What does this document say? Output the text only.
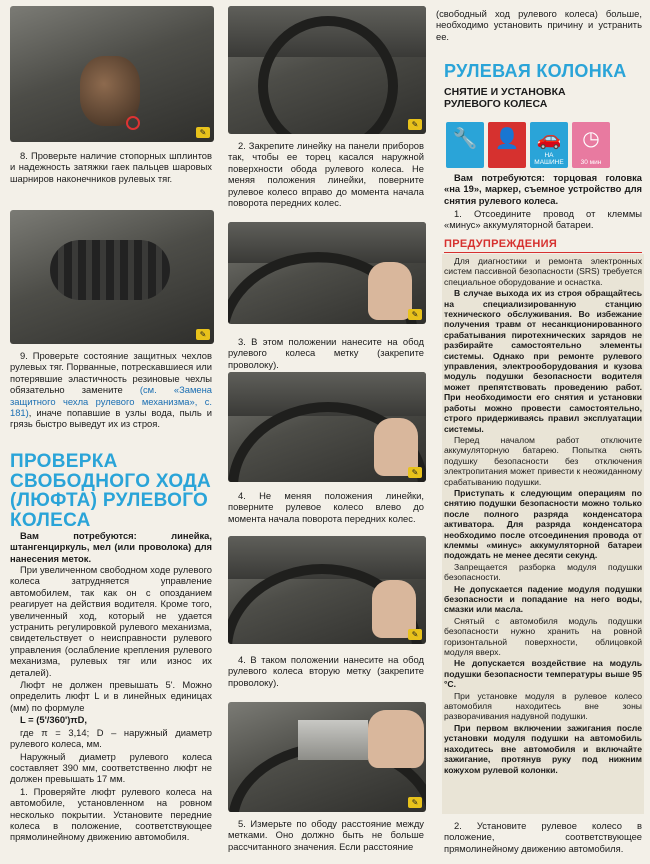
✎

8. Проверьте наличие стопорных шплинтов и надежность затяжки гаек пальцев шаровых шарниров наконечников рулевых тяг.

✎

9. Проверьте состояние защитных чехлов рулевых тяг. Порванные, потрескавшиеся или потерявшие эластичность резиновые чехлы обязательно замените (см. «Замена защитного чехла рулевого механизма», с. 181), иначе попавшие в узлы вода, пыль и грязь быстро выведут их из строя.

ПРОВЕРКА СВОБОДНОГО ХОДА (ЛЮФТА) РУЛЕВОГО КОЛЕСА

Вам потребуются: линейка, штангенциркуль, мел (или проволока) для нанесения меток.

При увеличенном свободном ходе рулевого колеса затрудняется управление автомобилем, так как он с опозданием реагирует на действия водителя. Кроме того, увеличенный ход, который не удается устранить регулировкой рулевого механизма, свидетельствует о неисправности рулевого управления (ослабление крепления рулевого механизма, рулевых тяг или износ их деталей).

Люфт не должен превышать 5'. Можно определить люфт L и в линейных единицах (мм) по формуле

L = (5'/360')πD,

где π = 3,14; D – наружный диаметр рулевого колеса, мм.

Наружный диаметр рулевого колеса составляет 390 мм, соответственно люфт не должен превышать 17 мм.

1. Проверяйте люфт рулевого колеса на автомобиле, установленном на ровном несколько покрытии. Установите передние колеса в положение, соответствующее прямолинейному движению автомобиля.

✎

2. Закрепите линейку на панели приборов так, чтобы ее торец касался наружной поверхности обода рулевого колеса. Не меняя положения линейки, поверните рулевое колесо вправо до момента начала поворота передних колес.

✎

3. В этом положении нанесите на обод рулевого колеса метку (закрепите проволоку).

✎

4. Не меняя положения линейки, поверните рулевое колесо влево до момента начала поворота передних колес.

✎

4. В таком положении нанесите на обод рулевого колеса вторую метку (закрепите проволоку).

✎

5. Измерьте по ободу расстояние между метками. Оно должно быть не больше рассчитанного значения. Если расстояние

(свободный ход рулевого колеса) больше, необходимо установить причину и устранить ее.

РУЛЕВАЯ КОЛОНКА
СНЯТИЕ И УСТАНОВКА РУЛЕВОГО КОЛЕСА
🔧 👤 🚗
НА МАШИНЕ
◷
30 мин

Вам потребуются: торцовая головка «на 19», маркер, съемное устройство для снятия рулевого колеса.

1. Отсоедините провод от клеммы «минус» аккумуляторной батареи.

ПРЕДУПРЕЖДЕНИЯ

Для диагностики и ремонта электронных систем пассивной безопасности (SRS) требуется специальное оборудование и оснастка.

В случае выхода их из строя обращайтесь на специализированную станцию технического обслуживания. Во избежание получения травм от несанкционированного срабатывания пиротехнических зарядов не разбирайте самостоятельно элементы системы. Однако при ремонте рулевого управления, электрооборудования и кузова модуль подушки безопасности водителя может препятствовать проведению работ. При необходимости его снятия и установки работы можно провести самостоятельно, строго придерживаясь правил эксплуатации системы.

Перед началом работ отключите аккумуляторную батарею. Попытка снять подушку безопасности без отключения электропитания может привести к неожиданному срабатыванию подушки.

Приступать к следующим операциям по снятию подушки безопасности можно только после полного разряда конденсатора активатора. Для разряда конденсатора необходимо после отсоединения провода от клеммы «минус» аккумуляторной батареи подождать не менее десяти секунд.

Запрещается разборка модуля подушки безопасности.

Не допускается падение модуля подушки безопасности и попадание на него воды, смазки или масла.

Снятый с автомобиля модуль подушки безопасности нужно хранить на ровной горизонтальной поверхности, облицовкой модуля вверх.

Не допускается воздействие на модуль подушки безопасности температуры выше 95 °С.

При установке модуля в рулевое колесо автомобиля находитесь вне зоны разворачивания надувной подушки.

При первом включении зажигания после установки модуля подушки на автомобиль находитесь вне автомобиля и включайте зажигание, протянув руку под нижним кожухом рулевой колонки.

2. Установите рулевое колесо в положение, соответствующее прямолинейному движению автомобиля.
